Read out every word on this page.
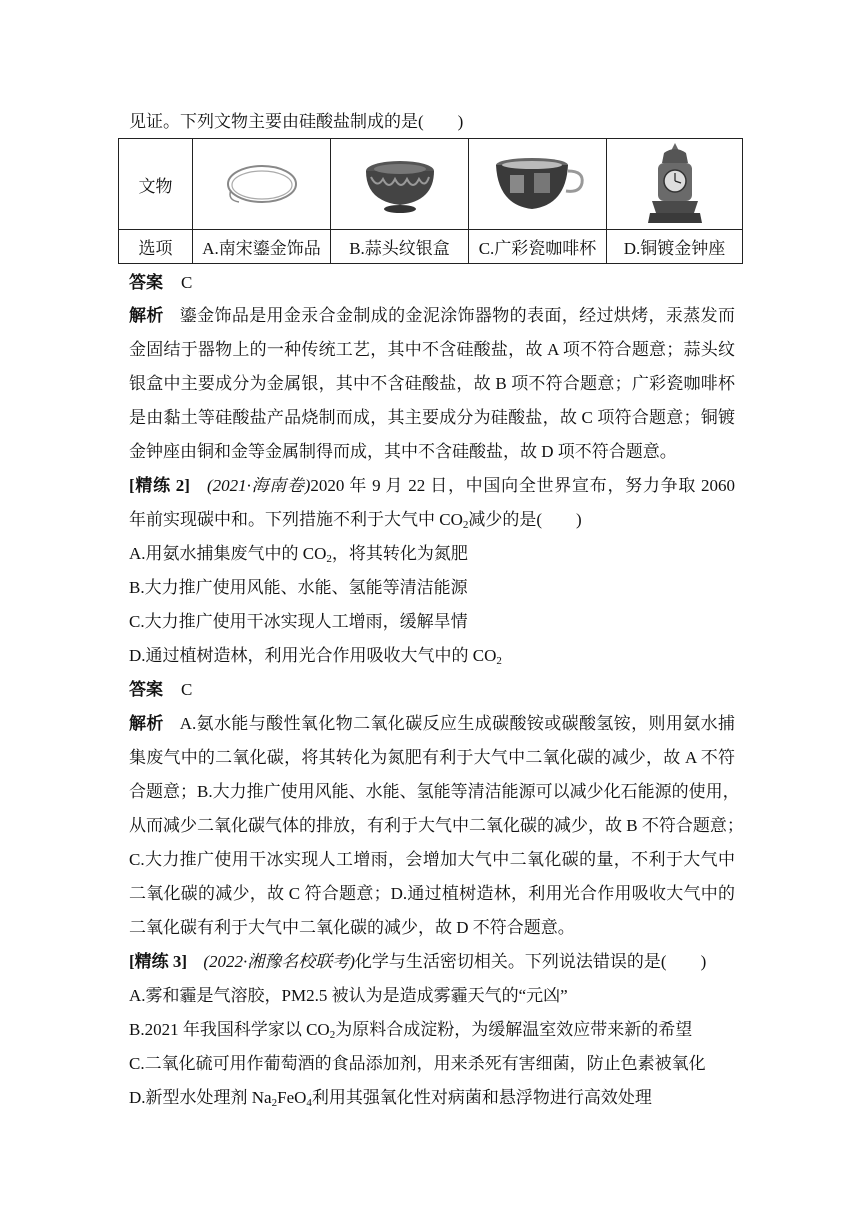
见证。下列文物主要由硅酸盐制成的是(　　)
文物	

选项	A.南宋鎏金饰品	B.蒜头纹银盒	C.广彩瓷咖啡杯	D.铜镀金钟座
答案 C
解析 鎏金饰品是用金汞合金制成的金泥涂饰器物的表面，经过烘烤，汞蒸发而
金固结于器物上的一种传统工艺，其中不含硅酸盐，故 A 项不符合题意；蒜头纹
银盒中主要成分为金属银，其中不含硅酸盐，故 B 项不符合题意；广彩瓷咖啡杯
是由黏土等硅酸盐产品烧制而成，其主要成分为硅酸盐，故 C 项符合题意；铜镀
金钟座由铜和金等金属制得而成，其中不含硅酸盐，故 D 项不符合题意。
[精练 2] (2021·海南卷)2020 年 9 月 22 日，中国向全世界宣布，努力争取 2060
年前实现碳中和。下列措施不利于大气中 $CO_2$减少的是(　　)
A.用氨水捕集废气中的 $CO_2$，将其转化为氮肥
B.大力推广使用风能、水能、氢能等清洁能源
C.大力推广使用干冰实现人工增雨，缓解旱情
D.通过植树造林，利用光合作用吸收大气中的 $CO_2$
答案 C
解析 A.氨水能与酸性氧化物二氧化碳反应生成碳酸铵或碳酸氢铵，则用氨水捕
集废气中的二氧化碳，将其转化为氮肥有利于大气中二氧化碳的减少，故 A 不符
合题意；B.大力推广使用风能、水能、氢能等清洁能源可以减少化石能源的使用，
从而减少二氧化碳气体的排放，有利于大气中二氧化碳的减少，故 B 不符合题意；
C.大力推广使用干冰实现人工增雨，会增加大气中二氧化碳的量，不利于大气中
二氧化碳的减少，故 C 符合题意；D.通过植树造林，利用光合作用吸收大气中的
二氧化碳有利于大气中二氧化碳的减少，故 D 不符合题意。
[精练 3] (2022·湘豫名校联考)化学与生活密切相关。下列说法错误的是(　　)
A.雾和霾是气溶胶，PM2.5 被认为是造成雾霾天气的“元凶”
B.2021 年我国科学家以 $CO_2$为原料合成淀粉，为缓解温室效应带来新的希望
C.二氧化硫可用作葡萄酒的食品添加剂，用来杀死有害细菌，防止色素被氧化
D.新型水处理剂 $Na_2FeO_4$利用其强氧化性对病菌和悬浮物进行高效处理
